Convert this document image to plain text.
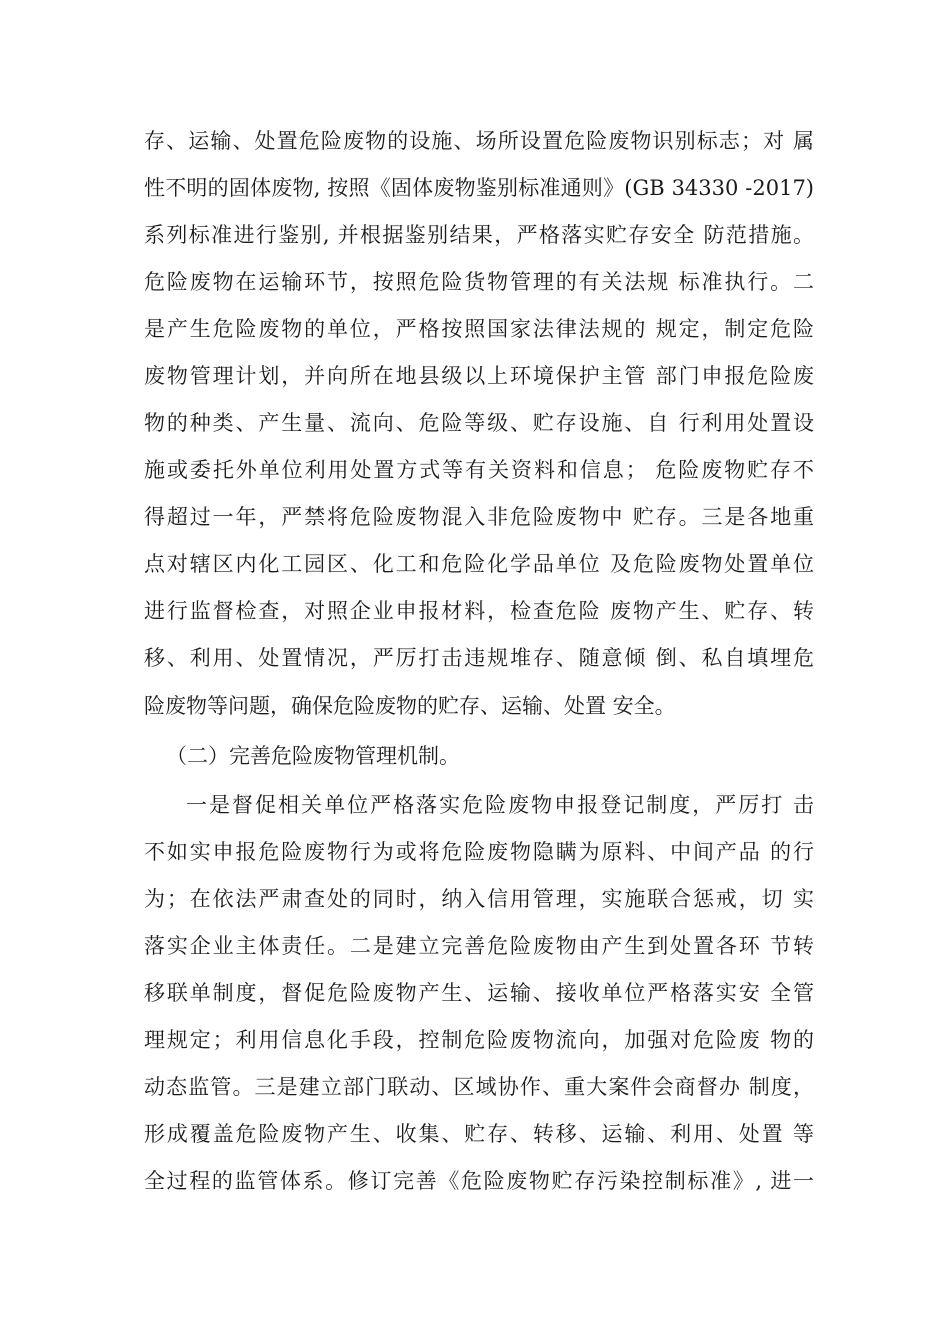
存、运输、处置危险废物的设施、场所设置危险废物识别标志；对 属
性不明的固体废物, 按照《固体废物鉴别标准通则》(GB 34330 -2017)
系列标准进行鉴别, 并根据鉴别结果，严格落实贮存安全 防范措施。
危险废物在运输环节，按照危险货物管理的有关法规 标准执行。二
是产生危险废物的单位，严格按照国家法律法规的 规定，制定危险
废物管理计划，并向所在地县级以上环境保护主管 部门申报危险废
物的种类、产生量、流向、危险等级、贮存设施、自 行利用处置设
施或委托外单位利用处置方式等有关资料和信息； 危险废物贮存不
得超过一年，严禁将危险废物混入非危险废物中 贮存。三是各地重
点对辖区内化工园区、化工和危险化学品单位 及危险废物处置单位
进行监督检查，对照企业申报材料，检查危险 废物产生、贮存、转
移、利用、处置情况，严厉打击违规堆存、随意倾 倒、私自填埋危
险废物等问题，确保危险废物的贮存、运输、处置 安全。
（二）完善危险废物管理机制。
一是督促相关单位严格落实危险废物申报登记制度，严厉打 击
不如实申报危险废物行为或将危险废物隐瞒为原料、中间产品 的行
为；在依法严肃查处的同时，纳入信用管理，实施联合惩戒，切 实
落实企业主体责任。二是建立完善危险废物由产生到处置各环 节转
移联单制度，督促危险废物产生、运输、接收单位严格落实安 全管
理规定；利用信息化手段，控制危险废物流向，加强对危险废 物的
动态监管。三是建立部门联动、区域协作、重大案件会商督办 制度，
形成覆盖危险废物产生、收集、贮存、转移、运输、利用、处置 等
全过程的监管体系。修订完善《危险废物贮存污染控制标准》, 进一
